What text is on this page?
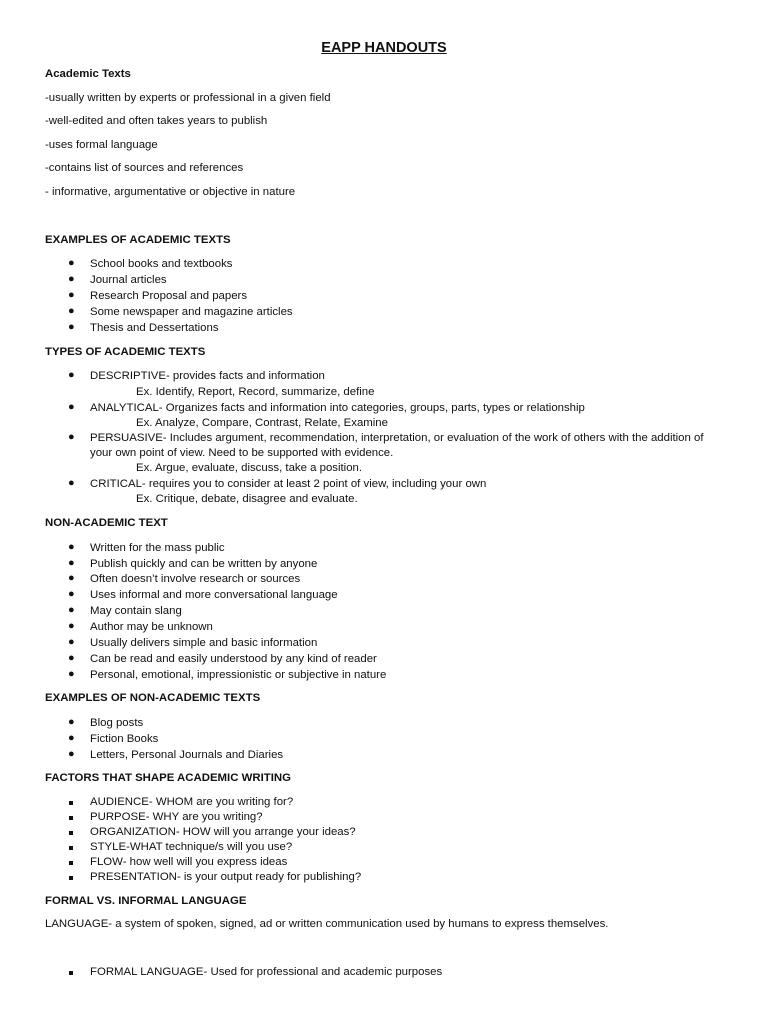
EAPP HANDOUTS
Academic Texts
-usually written by experts or professional in a given field
-well-edited and often takes years to publish
-uses formal language
-contains list of sources and references
- informative, argumentative or objective in nature
EXAMPLES OF ACADEMIC TEXTS
● School books and textbooks
● Journal articles
● Research Proposal and papers
● Some newspaper and magazine articles
● Thesis and Dessertations
TYPES OF ACADEMIC TEXTS
● DESCRIPTIVE- provides facts and information
Ex. Identify, Report, Record, summarize, define
● ANALYTICAL- Organizes facts and information into categories, groups, parts, types or relationship
Ex. Analyze, Compare, Contrast, Relate, Examine
● PERSUASIVE- Includes argument, recommendation, interpretation, or evaluation of the work of others with the addition of your own point of view. Need to be supported with evidence.
Ex. Argue, evaluate, discuss, take a position.
● CRITICAL- requires you to consider at least 2 point of view, including your own
Ex. Critique, debate, disagree and evaluate.
NON-ACADEMIC TEXT
● Written for the mass public
● Publish quickly and can be written by anyone
● Often doesn’t involve research or sources
● Uses informal and more conversational language
● May contain slang
● Author may be unknown
● Usually delivers simple and basic information
● Can be read and easily understood by any kind of reader
● Personal, emotional, impressionistic or subjective in nature
EXAMPLES OF NON-ACADEMIC TEXTS
● Blog posts
● Fiction Books
● Letters, Personal Journals and Diaries
FACTORS THAT SHAPE ACADEMIC WRITING
AUDIENCE- WHOM are you writing for?
PURPOSE- WHY are you writing?
ORGANIZATION- HOW will you arrange your ideas?
STYLE-WHAT technique/s will you use?
FLOW- how well will you express ideas
PRESENTATION- is your output ready for publishing?
FORMAL VS. INFORMAL LANGUAGE
LANGUAGE- a system of spoken, signed, ad or written communication used by humans to express themselves.
FORMAL LANGUAGE- Used for professional and academic purposes
